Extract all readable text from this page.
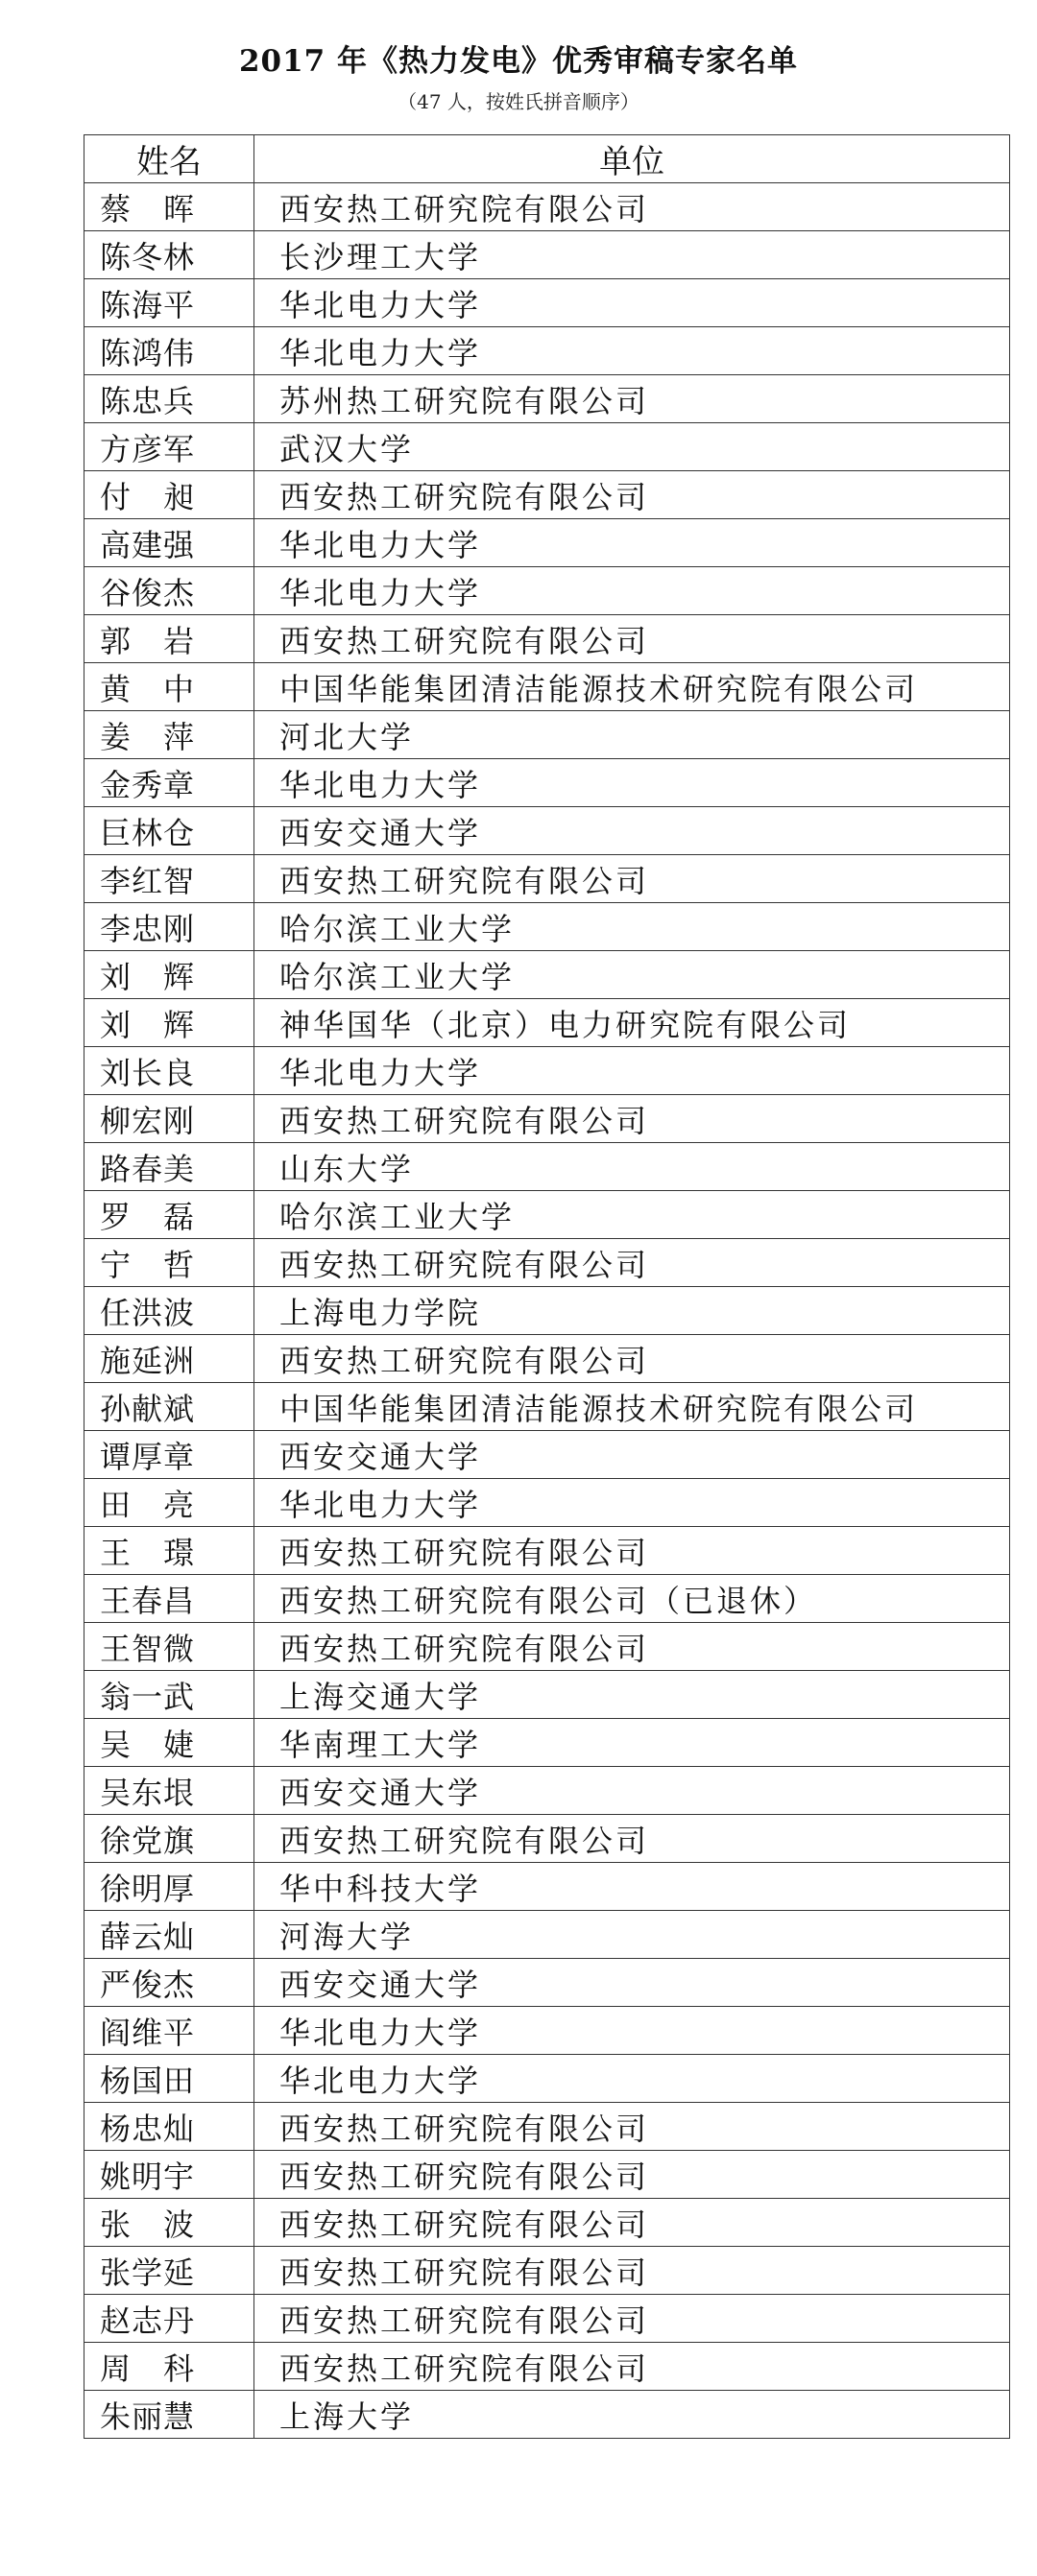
2017 年《热力发电》优秀审稿专家名单
（47 人，按姓氏拼音顺序）
姓名	单位
蔡　晖	西安热工研究院有限公司
陈冬林	长沙理工大学
陈海平	华北电力大学
陈鸿伟	华北电力大学
陈忠兵	苏州热工研究院有限公司
方彦军	武汉大学
付　昶	西安热工研究院有限公司
高建强	华北电力大学
谷俊杰	华北电力大学
郭　岩	西安热工研究院有限公司
黄　中	中国华能集团清洁能源技术研究院有限公司
姜　萍	河北大学
金秀章	华北电力大学
巨林仓	西安交通大学
李红智	西安热工研究院有限公司
李忠刚	哈尔滨工业大学
刘　辉	哈尔滨工业大学
刘　辉	神华国华（北京）电力研究院有限公司
刘长良	华北电力大学
柳宏刚	西安热工研究院有限公司
路春美	山东大学
罗　磊	哈尔滨工业大学
宁　哲	西安热工研究院有限公司
任洪波	上海电力学院
施延洲	西安热工研究院有限公司
孙献斌	中国华能集团清洁能源技术研究院有限公司
谭厚章	西安交通大学
田　亮	华北电力大学
王　璟	西安热工研究院有限公司
王春昌	西安热工研究院有限公司（已退休）
王智微	西安热工研究院有限公司
翁一武	上海交通大学
吴　婕	华南理工大学
吴东垠	西安交通大学
徐党旗	西安热工研究院有限公司
徐明厚	华中科技大学
薛云灿	河海大学
严俊杰	西安交通大学
阎维平	华北电力大学
杨国田	华北电力大学
杨忠灿	西安热工研究院有限公司
姚明宇	西安热工研究院有限公司
张　波	西安热工研究院有限公司
张学延	西安热工研究院有限公司
赵志丹	西安热工研究院有限公司
周　科	西安热工研究院有限公司
朱丽慧	上海大学
